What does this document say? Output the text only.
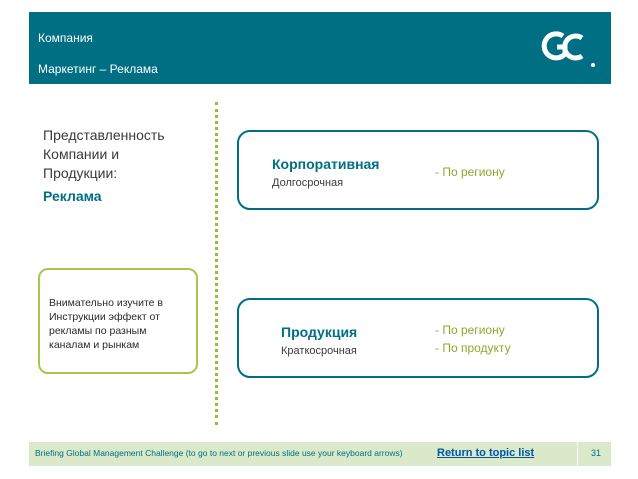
Компания
Маркетинг – Реклама
Представленность
Компании и
Продукции:
Реклама
Внимательно изучите в Инструкции эффект от рекламы по разным каналам и рынкам
Корпоративная
Долгосрочная
- По региону
Продукция
Краткосрочная
- По региону
- По продукту
Briefing Global Management Challenge (to go to next or previous slide use your keyboard arrows)	Return to topic list	31
